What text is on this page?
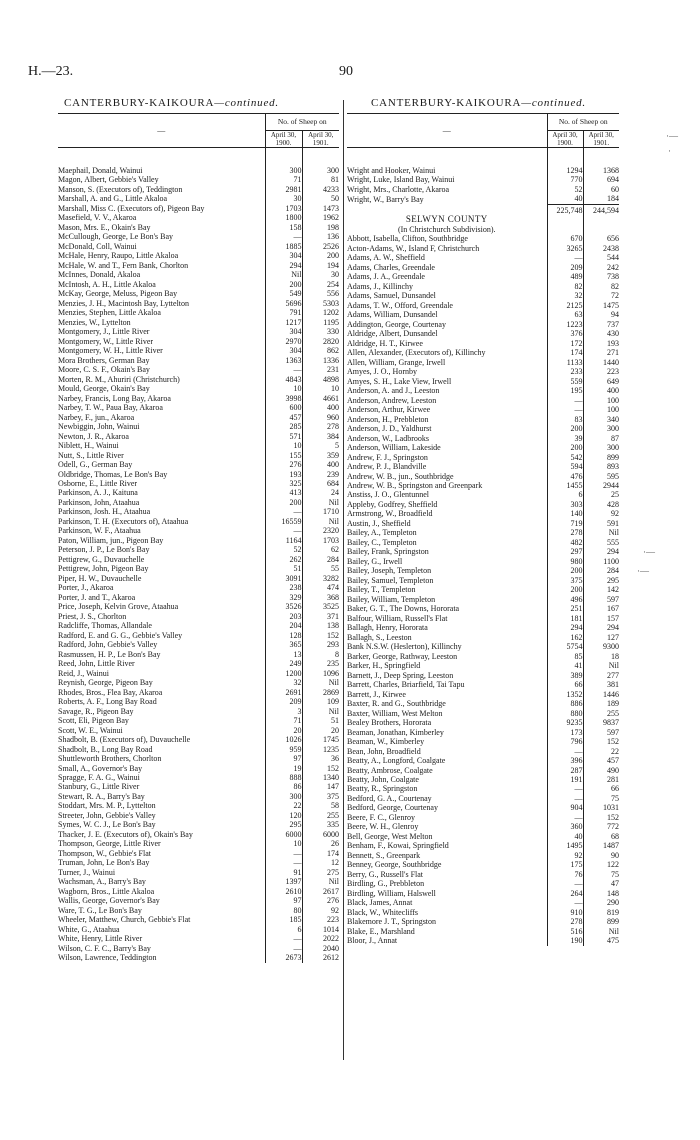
H.—23.	90
CANTERBURY-KAIKOURA—continued.	CANTERBURY-KAIKOURA—continued.
—	No. of Sheep on	
	April 30,
1900.	April 30,
1901.

Maephail, Donald, Wainui	300	300
Magon, Albert, Gebbie's Valley	71	81
Manson, S. (Executors of), Teddington	2981	4233
Marshall, A. and G., Little Akaloa	30	50
Marshall, Miss C. (Executors of), Pigeon Bay	1703	1473
Masefield, V. V., Akaroa	1800	1962
Mason, Mrs. E., Okain's Bay	158	198
McCullough, George, Le Bon's Bay	—	136
McDonald, Coll, Wainui	1885	2526
McHale, Henry, Raupo, Little Akaloa	304	200
McHale, W. and T., Fern Bank, Chorlton	294	194
McInnes, Donald, Akaloa	Nil	30
McIntosh, A. H., Little Akaloa	200	254
McKay, George, Meluss, Pigeon Bay	549	556
Menzies, J. H., Macintosh Bay, Lyttelton	5696	5303
Menzies, Stephen, Little Akaloa	791	1202
Menzies, W., Lyttelton	1217	1195
Montgomery, J., Little River	304	330
Montgomery, W., Little River	2970	2820
Montgomery, W. H., Little River	304	862
Mora Brothers, German Bay	1363	1336
Moore, C. S. F., Okain's Bay	—	231
Morten, R. M., Ahuriri (Christchurch)	4843	4898
Mould, George, Okain's Bay	10	10
Narbey, Francis, Long Bay, Akaroa	3998	4661
Narbey, T. W., Paua Bay, Akaroa	600	400
Narbey, F., jun., Akaroa	457	960
Newbiggin, John, Wainui	285	278
Newton, J. R., Akaroa	571	384
Niblett, H., Wainui	10	5
Nutt, S., Little River	155	359
Odell, G., German Bay	276	400
Oldbridge, Thomas, Le Bon's Bay	193	239
Osborne, E., Little River	325	684
Parkinson, A. J., Kaituna	413	24
Parkinson, John, Ataahua	200	Nil
Parkinson, Josh. H., Ataahua	—	1710
Parkinson, T. H. (Executors of), Ataahua	16559	Nil
Parkinson, W. F., Ataahua	—	2320
Paton, William, jun., Pigeon Bay	1164	1703
Peterson, J. P., Le Bon's Bay	52	62
Pettigrew, G., Duvauchelle	262	284
Pettigrew, John, Pigeon Bay	51	55
Piper, H. W., Duvauchelle	3091	3282
Porter, J., Akaroa	238	474
Porter, J. and T., Akaroa	329	368
Price, Joseph, Kelvin Grove, Ataahua	3526	3525
Priest, J. S., Chorlton	203	371
Radcliffe, Thomas, Allandale	204	138
Radford, E. and G. G., Gebbie's Valley	128	152
Radford, John, Gebbie's Valley	365	293
Rasmussen, H. P., Le Bon's Bay	13	8
Reed, John, Little River	249	235
Reid, J., Wainui	1200	1096
Reynish, George, Pigeon Bay	32	Nil
Rhodes, Bros., Flea Bay, Akaroa	2691	2869
Roberts, A. F., Long Bay Road	209	109
Savage, R., Pigeon Bay	3	Nil
Scott, Eli, Pigeon Bay	71	51
Scott, W. E., Wainui	20	20
Shadbolt, B. (Executors of), Duvauchelle	1026	1745
Shadbolt, B., Long Bay Road	959	1235
Shuttleworth Brothers, Chorlton	97	36
Small, A., Governor's Bay	19	152
Spragge, F. A. G., Wainui	888	1340
Stanbury, G., Little River	86	147
Stewart, R. A., Barry's Bay	300	375
Stoddart, Mrs. M. P., Lyttelton	22	58
Streeter, John, Gebbie's Valley	120	255
Symes, W. C. J., Le Bon's Bay	295	335
Thacker, J. E. (Executors of), Okain's Bay	6000	6000
Thompson, George, Little River	10	26
Thompson, W., Gebbie's Flat	—	174
Truman, John, Le Bon's Bay	—	12
Turner, J., Wainui	91	275
Wachsman, A., Barry's Bay	1397	Nil
Wagborn, Bros., Little Akaloa	2610	2617
Wallis, George, Governor's Bay	97	276
Ware, T. G., Le Bon's Bay	80	92
Wheeler, Matthew, Church, Gebbie's Flat	185	223
White, G., Ataahua	6	1014
White, Henry, Little River	—	2022
Wilson, C. F. C., Barry's Bay	—	2040
Wilson, Lawrence, Teddington	2673	2612
—	No. of Sheep on	
	April 30,
1900.	April 30,
1901.

Wright and Hooker, Wainui	1294	1368
Wright, Luke, Island Bay, Wainui	770	694
Wright, Mrs., Charlotte, Akaroa	52	60
Wright, W., Barry's Bay	40	184
	225,748	244,594
SELWYN COUNTY		
(In Christchurch Subdivision).		
Abbott, Isabella, Clifton, Southbridge	670	656
Acton-Adams, W., Island F, Christchurch	3265	2438
Adams, A. W., Sheffield	—	544
Adams, Charles, Greendale	209	242
Adams, J. A., Greendale	489	738
Adams, J., Killinchy	82	82
Adams, Samuel, Dunsandel	32	72
Adams, T. W., Offord, Greendale	2125	1475
Adams, William, Dunsandel	63	94
Addington, George, Courtenay	1223	737
Aldridge, Albert, Dunsandel	376	430
Aldridge, H. T., Kirwee	172	193
Allen, Alexander, (Executors of), Killinchy	174	271
Allen, William, Grange, Irwell	1133	1440
Amyes, J. O., Hornby	233	223
Amyes, S. H., Lake View, Irwell	559	649
Anderson, A. and J., Leeston	195	400
Anderson, Andrew, Leeston	—	100
Anderson, Arthur, Kirwee	—	100
Anderson, H., Prebbleton	83	340
Anderson, J. D., Yaldhurst	200	300
Anderson, W., Ladbrooks	39	87
Anderson, William, Lakeside	200	300
Andrew, F. J., Springston	542	899
Andrew, P. J., Blandville	594	893
Andrew, W. B., jun., Southbridge	476	595
Andrew, W. B., Springston and Greenpark	1455	2944
Anstiss, J. O., Glentunnel	6	25
Appleby, Godfrey, Sheffield	303	428
Armstrong, W., Broadfield	140	92
Austin, J., Sheffield	719	591
Bailey, A., Templeton	278	Nil
Bailey, C., Templeton	482	555
Bailey, Frank, Springston	297	294
Bailey, G., Irwell	980	1100
Bailey, Joseph, Templeton	200	284
Bailey, Samuel, Templeton	375	295
Bailey, T., Templeton	200	142
Bailey, William, Templeton	496	597
Baker, G. T., The Downs, Hororata	251	167
Balfour, William, Russell's Flat	181	157
Ballagh, Henry, Hororata	294	294
Ballagh, S., Leeston	162	127
Bank N.S.W. (Heslerton), Killinchy	5754	9300
Barker, George, Rathway, Leeston	85	18
Barker, H., Springfield	41	Nil
Barnett, J., Deep Spring, Leeston	389	277
Barrett, Charles, Briarfield, Tai Tapu	66	381
Barrett, J., Kirwee	1352	1446
Baxter, R. and G., Southbridge	886	189
Baxter, William, West Melton	880	255
Bealey Brothers, Hororata	9235	9837
Beaman, Jonathan, Kimberley	173	597
Beaman, W., Kimberley	796	152
Bean, John, Broadfield	—	22
Beatty, A., Longford, Coalgate	396	457
Beatty, Ambrose, Coalgate	287	490
Beatty, John, Coalgate	191	281
Beatty, R., Springston	—	66
Bedford, G. A., Courtenay	—	75
Bedford, George, Courtenay	904	1031
Beere, F. C., Glenroy	—	152
Beere, W. H., Glenroy	360	772
Bell, George, West Melton	40	68
Benham, F., Kowai, Springfield	1495	1487
Bennett, S., Greenpark	92	90
Benney, George, Southbridge	175	122
Berry, G., Russell's Flat	76	75
Birdling, G., Prebbleton	—	47
Birdling, William, Halswell	264	148
Black, James, Annat	—	290
Black, W., Whitecliffs	910	819
Blakemore J. T., Springston	278	899
Blake, E., Marshland	516	Nil
Bloor, J., Annat	190	475
·—
·
·—
·—
